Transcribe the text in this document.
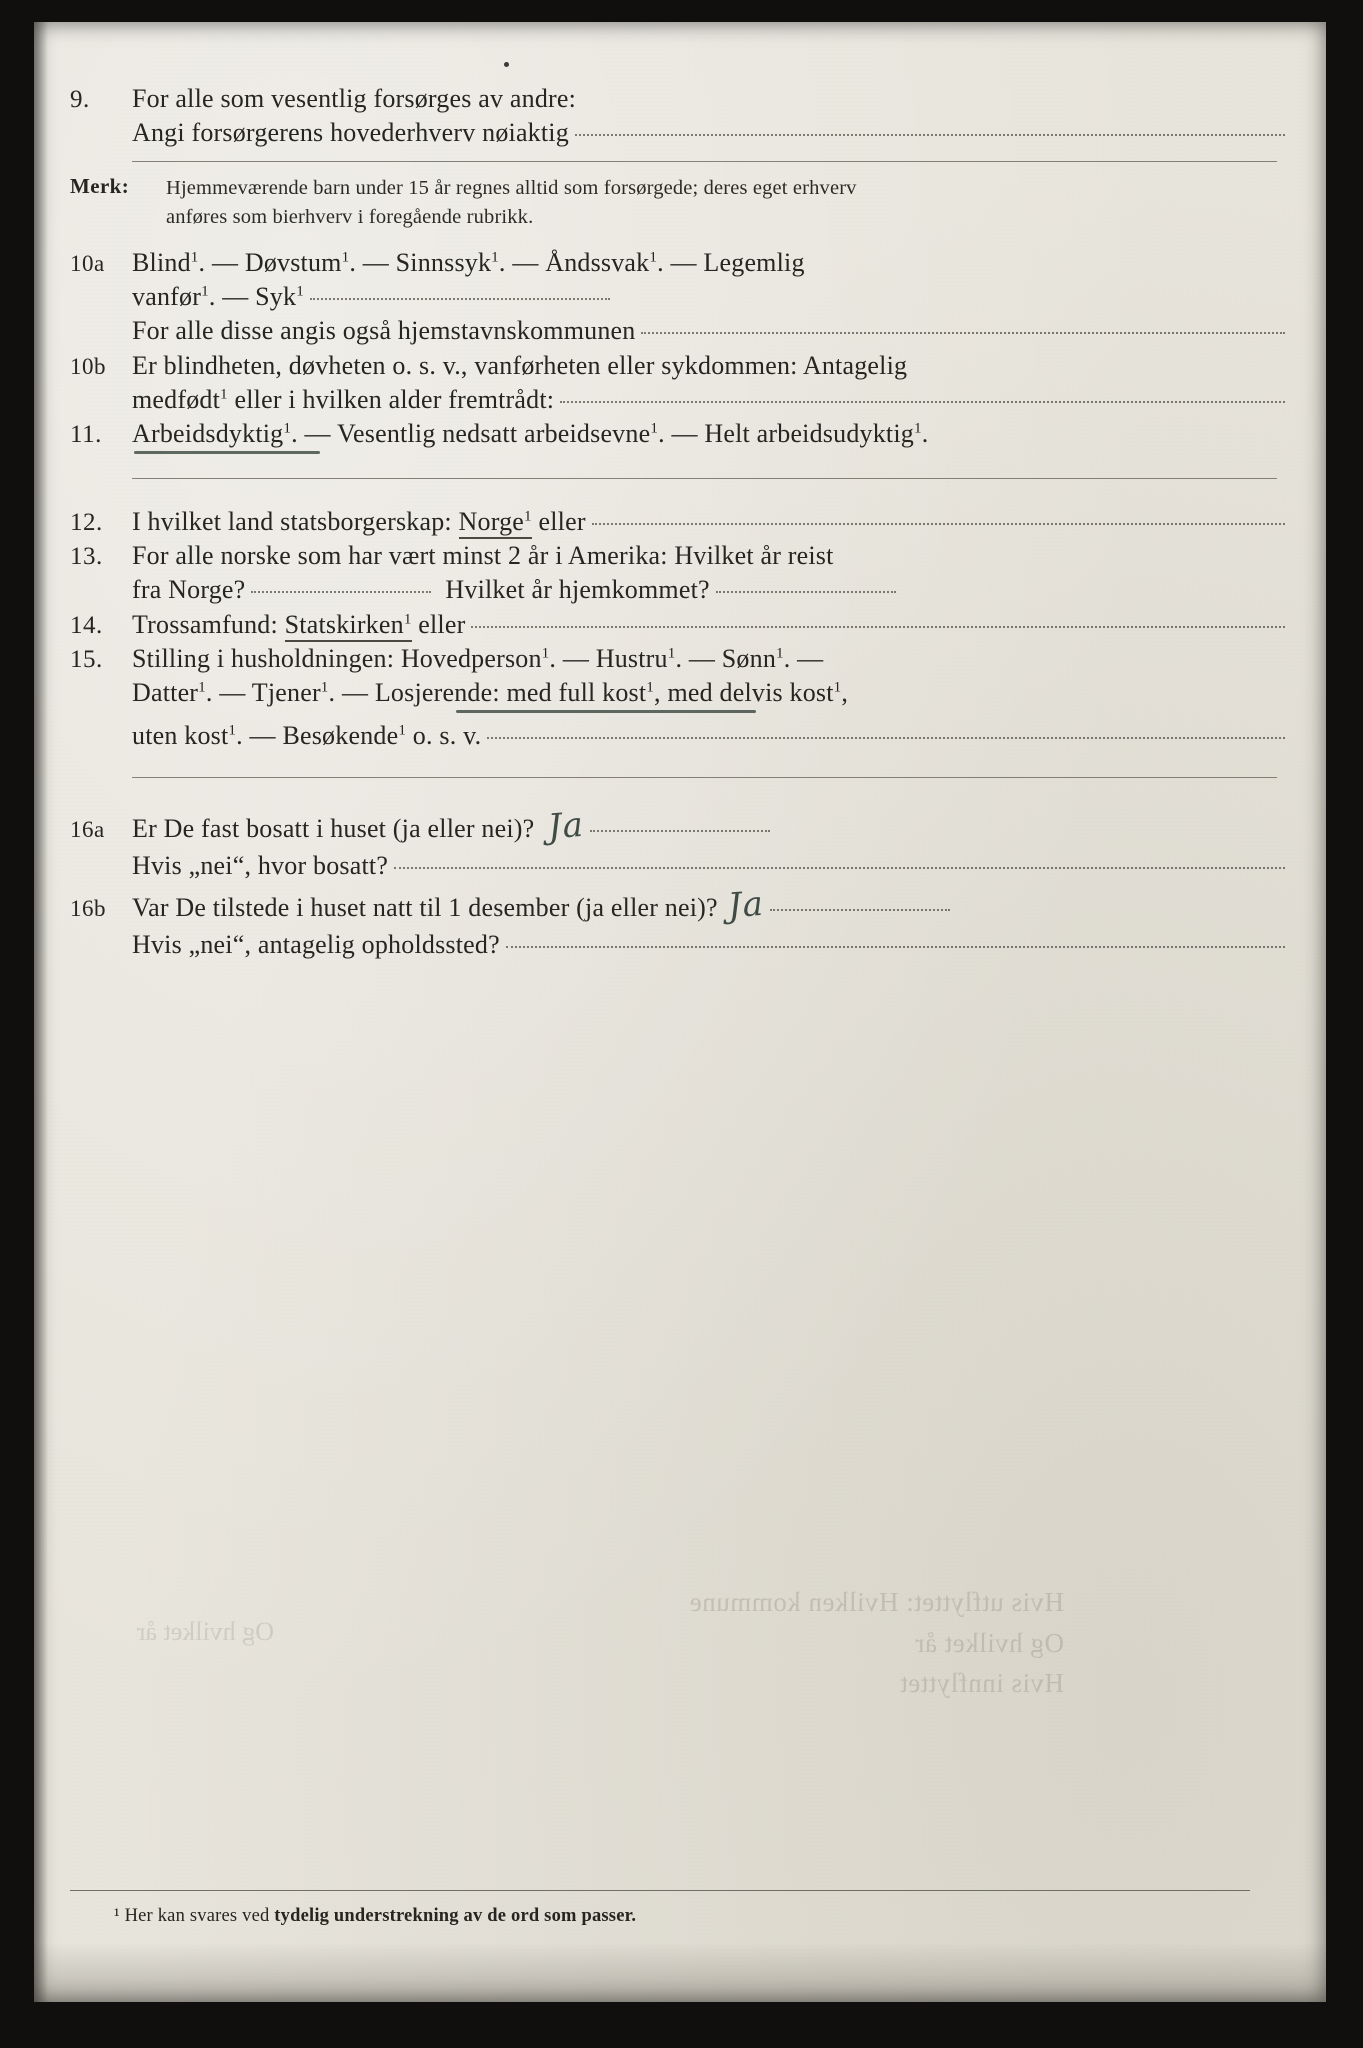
Hvis utflyttet: Hvilken kommune
Og hvilket år
Hvis innflyttet
Og hvilket år
9.	For alle som vesentlig forsørges av andre:
Angi forsørgerens hovederhverv nøiaktig
Merk:	Hjemmeværende barn under 15 år regnes alltid som forsørgede; deres eget erhverv
anføres som bierhverv i foregående rubrikk.
10a	Blind$^1$. — Døvstum$^1$. — Sinnssyk$^1$. — Åndssvak$^1$. — Legemlig
vanfør$^1$. — Syk$^1$
For alle disse angis også hjemstavnskommunen
10b	Er blindheten, døvheten o. s. v., vanførheten eller sykdommen: Antagelig
medfødt$^1$ eller i hvilken alder fremtrådt:
11.	Arbeidsdyktig$^1$. — Vesentlig nedsatt arbeidsevne$^1$. — Helt arbeidsudyktig$^1$.
12.	I hvilket land statsborgerskap: Norge$^1$ eller
13.	For alle norske som har vært minst 2 år i Amerika: Hvilket år reist
fra Norge?	Hvilket år hjemkommet?
14.	Trossamfund: Statskirken$^1$ eller
15.	Stilling i husholdningen: Hovedperson$^1$. — Hustru$^1$. — Sønn$^1$. —
Datter$^1$. — Tjener$^1$. — Losjerende: med full kost$^1$, med delvis kost$^1$,
uten kost$^1$. — Besøkende$^1$ o. s. v.
16a	Er De fast bosatt i huset (ja eller nei)? Ja
Hvis „nei“, hvor bosatt?
16b	Var De tilstede i huset natt til 1 desember (ja eller nei)? Ja
Hvis „nei“, antagelig opholdssted?
¹ Her kan svares ved tydelig understrekning av de ord som passer.
